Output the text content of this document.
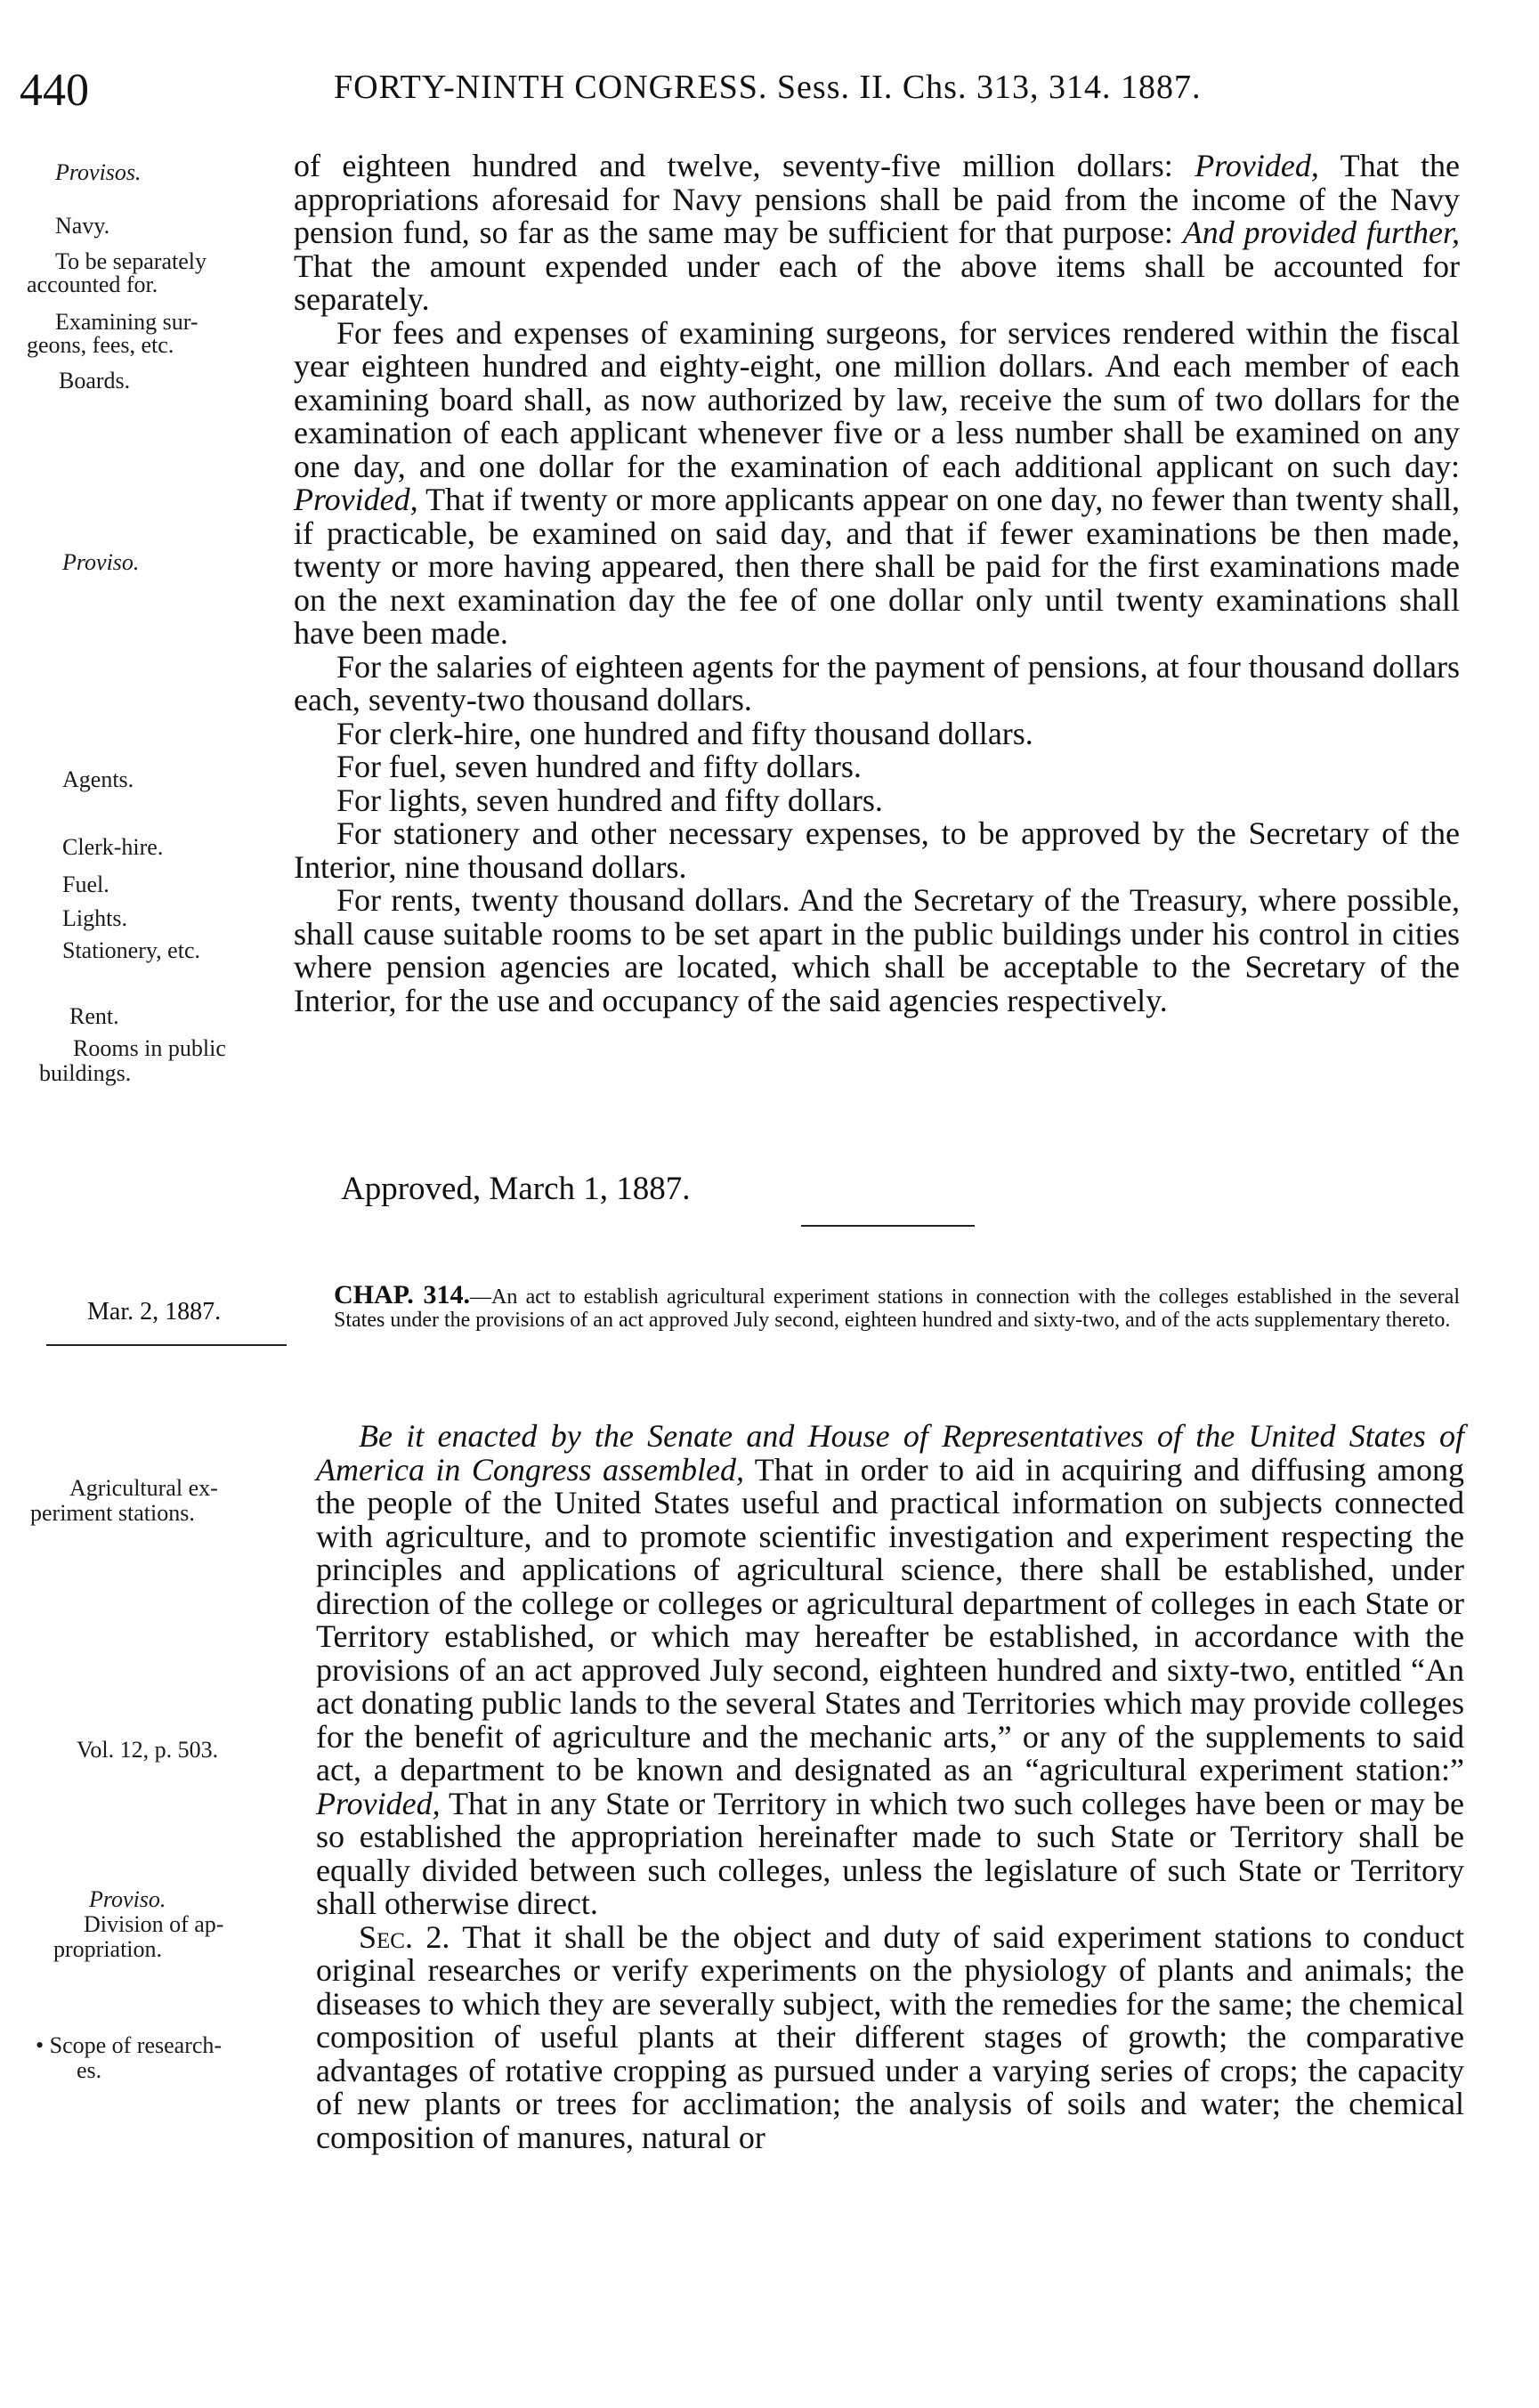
440	FORTY-NINTH CONGRESS. Sess. II. Chs. 313, 314. 1887.
Provisos.
Navy.
To be separately
accounted for.
Examining sur-
geons, fees, etc.
Boards.
Proviso.
Agents.
Clerk-hire.
Fuel.
Lights.
Stationery, etc.
Rent.
Rooms in public
buildings.

of eighteen hundred and twelve, seventy-five million dollars: Provided, That the appropriations aforesaid for Navy pensions shall be paid from the income of the Navy pension fund, so far as the same may be sufficient for that purpose: And provided further, That the amount expended under each of the above items shall be accounted for separately.

For fees and expenses of examining surgeons, for services rendered within the fiscal year eighteen hundred and eighty-eight, one million dollars. And each member of each examining board shall, as now authorized by law, receive the sum of two dollars for the examination of each applicant whenever five or a less number shall be examined on any one day, and one dollar for the examination of each additional applicant on such day: Provided, That if twenty or more applicants appear on one day, no fewer than twenty shall, if practicable, be examined on said day, and that if fewer examinations be then made, twenty or more having appeared, then there shall be paid for the first examinations made on the next examination day the fee of one dollar only until twenty examinations shall have been made.

For the salaries of eighteen agents for the payment of pensions, at four thousand dollars each, seventy-two thousand dollars.

For clerk-hire, one hundred and fifty thousand dollars.

For fuel, seven hundred and fifty dollars.

For lights, seven hundred and fifty dollars.

For stationery and other necessary expenses, to be approved by the Secretary of the Interior, nine thousand dollars.

For rents, twenty thousand dollars. And the Secretary of the Treasury, where possible, shall cause suitable rooms to be set apart in the public buildings under his control in cities where pension agencies are located, which shall be acceptable to the Secretary of the Interior, for the use and occupancy of the said agencies respectively.

Approved, March 1, 1887.
Mar. 2, 1887.
CHAP. 314.—An act to establish agricultural experiment stations in connection with the colleges established in the several States under the provisions of an act approved July second, eighteen hundred and sixty-two, and of the acts supplementary thereto.
Agricultural ex-
periment stations.
Vol. 12, p. 503.
Proviso.
Division of ap-
propriation.
• Scope of research-
es.

Be it enacted by the Senate and House of Representatives of the United States of America in Congress assembled, That in order to aid in acquiring and diffusing among the people of the United States useful and practical information on subjects connected with agriculture, and to promote scientific investigation and experiment respecting the principles and applications of agricultural science, there shall be established, under direction of the college or colleges or agricultural department of colleges in each State or Territory established, or which may hereafter be established, in accordance with the provisions of an act approved July second, eighteen hundred and sixty-two, entitled “An act donating public lands to the several States and Territories which may provide colleges for the benefit of agriculture and the mechanic arts,” or any of the supplements to said act, a department to be known and designated as an “agricultural experiment station:” Provided, That in any State or Territory in which two such colleges have been or may be so established the appropriation hereinafter made to such State or Territory shall be equally divided between such colleges, unless the legislature of such State or Territory shall otherwise direct.

Sec. 2. That it shall be the object and duty of said experiment stations to conduct original researches or verify experiments on the physiology of plants and animals; the diseases to which they are severally subject, with the remedies for the same; the chemical composition of useful plants at their different stages of growth; the comparative advantages of rotative cropping as pursued under a varying series of crops; the capacity of new plants or trees for acclimation; the analysis of soils and water; the chemical composition of manures, natural or
